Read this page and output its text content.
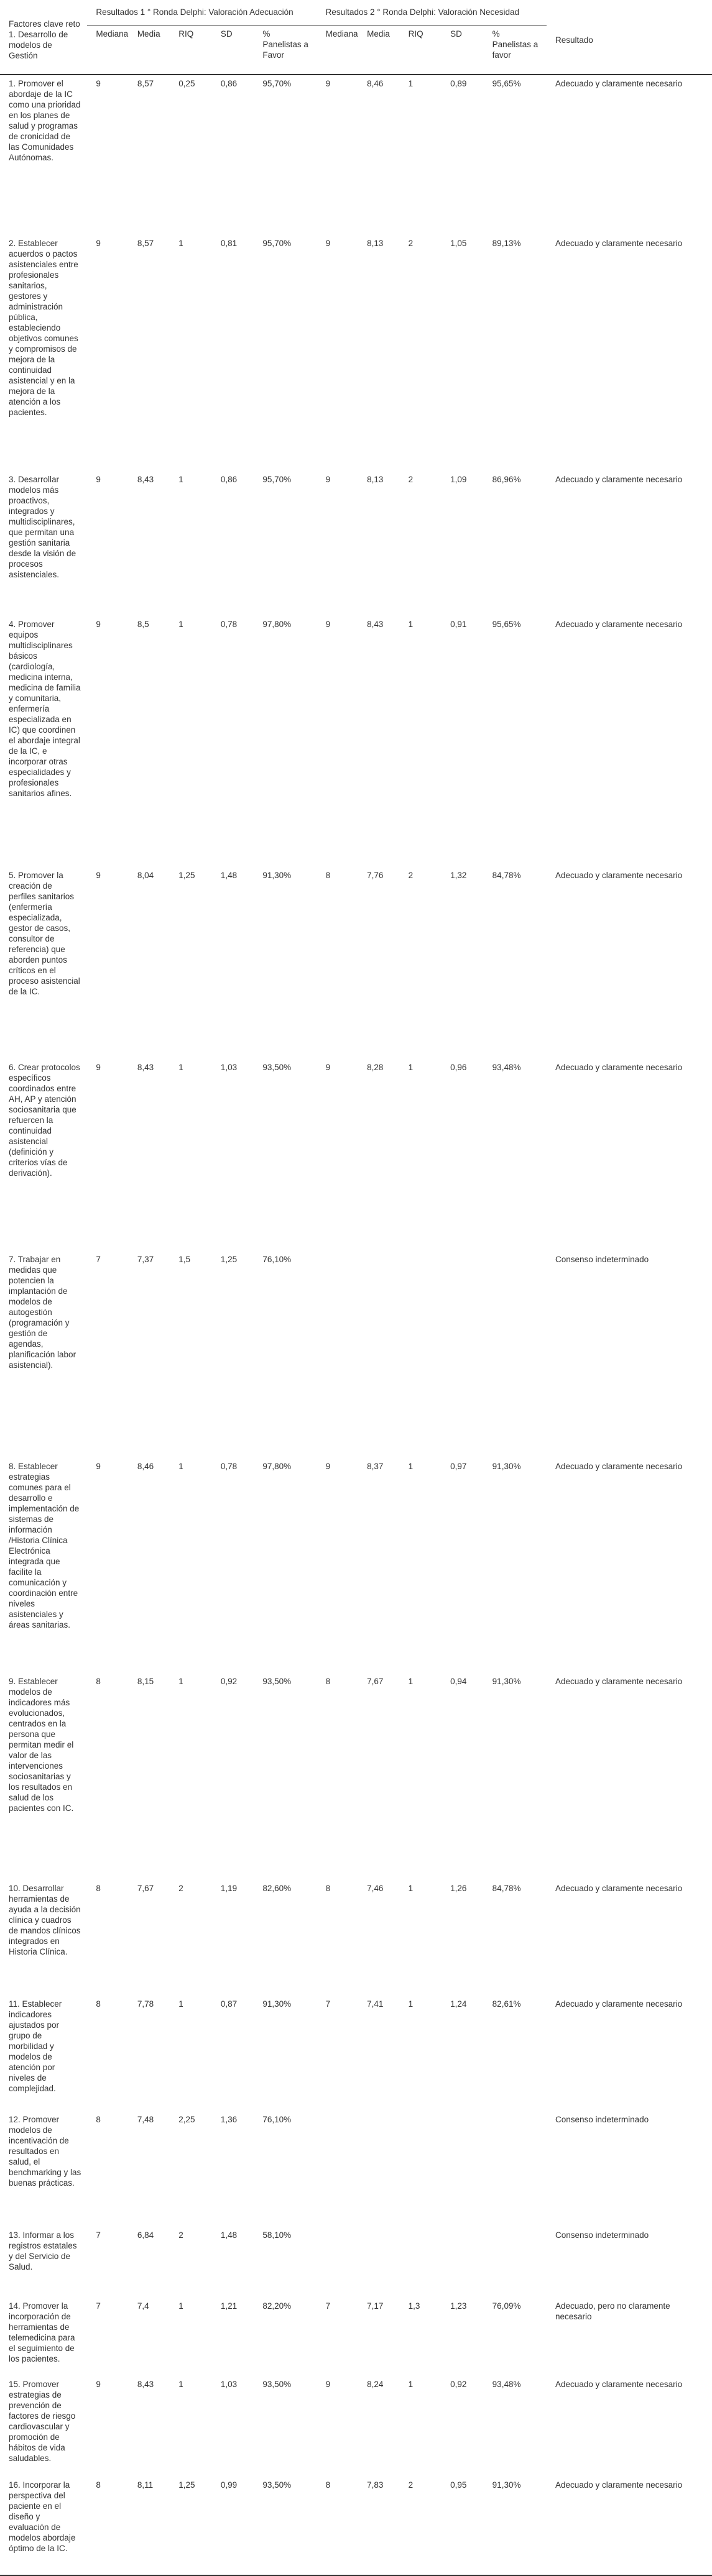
Factores clave reto 1. Desarrollo de modelos de Gestión	Resultados 1 ° Ronda Delphi: Valoración Adecuación					Resultados 2 ° Ronda Delphi: Valoración Necesidad					Resultado
	Mediana	Media	RIQ	SD	% Panelistas a Favor	Mediana	Media	RIQ	SD	% Panelistas a favor	
1. Promover el abordaje de la IC como una prioridad en los planes de salud y programas de cronicidad de las Comunidades Autónomas.	9	8,57	0,25	0,86	95,70%	9	8,46	1	0,89	95,65%	Adecuado y claramente necesario
2. Establecer acuerdos o pactos asistenciales entre profesionales sanitarios, gestores y administración pública, estableciendo objetivos comunes y compromisos de mejora de la continuidad asistencial y en la mejora de la atención a los pacientes.	9	8,57	1	0,81	95,70%	9	8,13	2	1,05	89,13%	Adecuado y claramente necesario
3. Desarrollar modelos más proactivos, integrados y multidisciplinares, que permitan una gestión sanitaria desde la visión de procesos asistenciales.	9	8,43	1	0,86	95,70%	9	8,13	2	1,09	86,96%	Adecuado y claramente necesario
4. Promover equipos multidisciplinares básicos (cardiología, medicina interna, medicina de familia y comunitaria, enfermería especializada en IC) que coordinen el abordaje integral de la IC, e incorporar otras especialidades y profesionales sanitarios afines.	9	8,5	1	0,78	97,80%	9	8,43	1	0,91	95,65%	Adecuado y claramente necesario
5. Promover la creación de perfiles sanitarios (enfermería especializada, gestor de casos, consultor de referencia) que aborden puntos críticos en el proceso asistencial de la IC.	9	8,04	1,25	1,48	91,30%	8	7,76	2	1,32	84,78%	Adecuado y claramente necesario
6. Crear protocolos específicos coordinados entre AH, AP y atención sociosanitaria que refuercen la continuidad asistencial (definición y criterios vías de derivación).	9	8,43	1	1,03	93,50%	9	8,28	1	0,96	93,48%	Adecuado y claramente necesario
7. Trabajar en medidas que potencien la implantación de modelos de autogestión (programación y gestión de agendas, planificación labor asistencial).	7	7,37	1,5	1,25	76,10%						Consenso indeterminado
8. Establecer estrategias comunes para el desarrollo e implementación de sistemas de información /Historia Clínica Electrónica integrada que facilite la comunicación y coordinación entre niveles asistenciales y áreas sanitarias.	9	8,46	1	0,78	97,80%	9	8,37	1	0,97	91,30%	Adecuado y claramente necesario
9. Establecer modelos de indicadores más evolucionados, centrados en la persona que permitan medir el valor de las intervenciones sociosanitarias y los resultados en salud de los pacientes con IC.	8	8,15	1	0,92	93,50%	8	7,67	1	0,94	91,30%	Adecuado y claramente necesario
10. Desarrollar herramientas de ayuda a la decisión clínica y cuadros de mandos clínicos integrados en Historia Clínica.	8	7,67	2	1,19	82,60%	8	7,46	1	1,26	84,78%	Adecuado y claramente necesario
11. Establecer indicadores ajustados por grupo de morbilidad y modelos de atención por niveles de complejidad.	8	7,78	1	0,87	91,30%	7	7,41	1	1,24	82,61%	Adecuado y claramente necesario
12. Promover modelos de incentivación de resultados en salud, el benchmarking y las buenas prácticas.	8	7,48	2,25	1,36	76,10%						Consenso indeterminado
13. Informar a los registros estatales y del Servicio de Salud.	7	6,84	2	1,48	58,10%						Consenso indeterminado
14. Promover la incorporación de herramientas de telemedicina para el seguimiento de los pacientes.	7	7,4	1	1,21	82,20%	7	7,17	1,3	1,23	76,09%	Adecuado, pero no claramente necesario
15. Promover estrategias de prevención de factores de riesgo cardiovascular y promoción de hábitos de vida saludables.	9	8,43	1	1,03	93,50%	9	8,24	1	0,92	93,48%	Adecuado y claramente necesario
16. Incorporar la perspectiva del paciente en el diseño y evaluación de modelos abordaje óptimo de la IC.	8	8,11	1,25	0,99	93,50%	8	7,83	2	0,95	91,30%	Adecuado y claramente necesario
